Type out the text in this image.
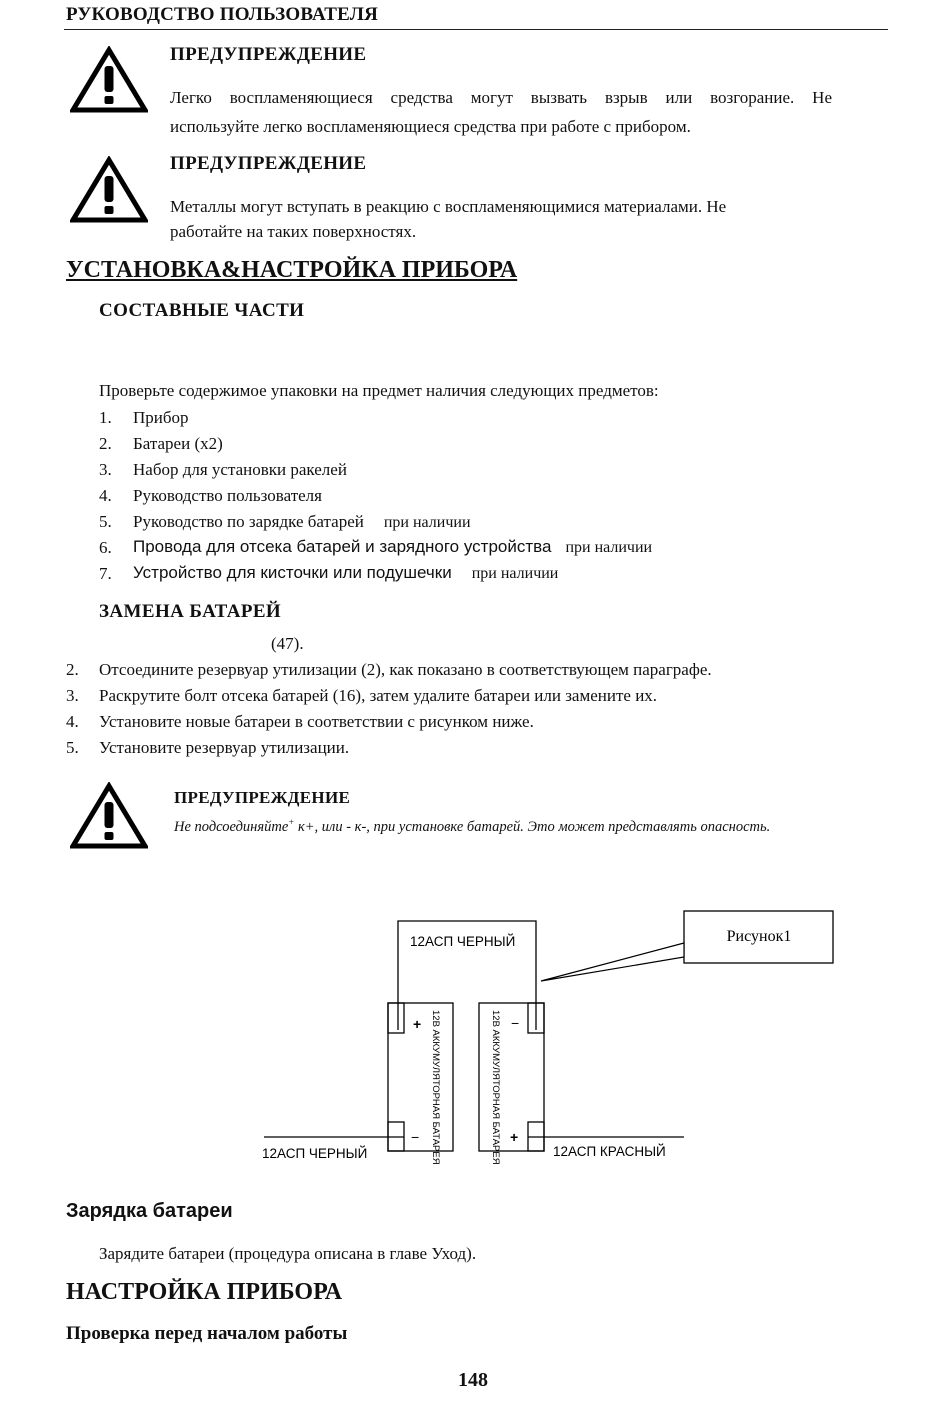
РУКОВОДСТВО ПОЛЬЗОВАТЕЛЯ
ПРЕДУПРЕЖДЕНИЕ
Легко воспламеняющиеся средства могут вызвать взрыв или возгорание. Не
используйте легко воспламеняющиеся средства при работе с прибором.
ПРЕДУПРЕЖДЕНИЕ
Металлы могут вступать в реакцию с воспламеняющимися материалами. Не
работайте на таких поверхностях.
УСТАНОВКА&НАСТРОЙКА ПРИБОРА
СОСТАВНЫЕ ЧАСТИ
Проверьте содержимое упаковки на предмет наличия следующих предметов:
1. Прибор
2. Батареи (x2)
3. Набор для установки ракелей
4. Руководство пользователя
5. Руководство по зарядке батарей при наличии
6. Провода для отсека батарей и зарядного устройства при наличии
7. Устройство для кисточки или подушечки при наличии
ЗАМЕНА БАТАРЕЙ
(47).
2. Отсоедините резервуар утилизации (2), как показано в соответствующем параграфе.
3. Раскрутите болт отсека батарей (16), затем удалите батареи или замените их.
4. Установите новые батареи в соответствии с рисунком ниже.
5. Установите резервуар утилизации.
ПРЕДУПРЕЖДЕНИЕ
Не подсоединяйте+ к+, или - к-, при установке батарей. Это может представлять опасность.
Рисунок1
12АСП ЧЕРНЫЙ
12АСП ЧЕРНЫЙ	12АСП КРАСНЫЙ
+
−
−
+
12В АККУМУЛЯТОРНАЯ БАТАРЕЯ	12В АККУМУЛЯТОРНАЯ БАТАРЕЯ
Зарядка батареи
Зарядите батареи (процедура описана в главе Уход).
НАСТРОЙКА ПРИБОРА
Проверка перед началом работы
148
